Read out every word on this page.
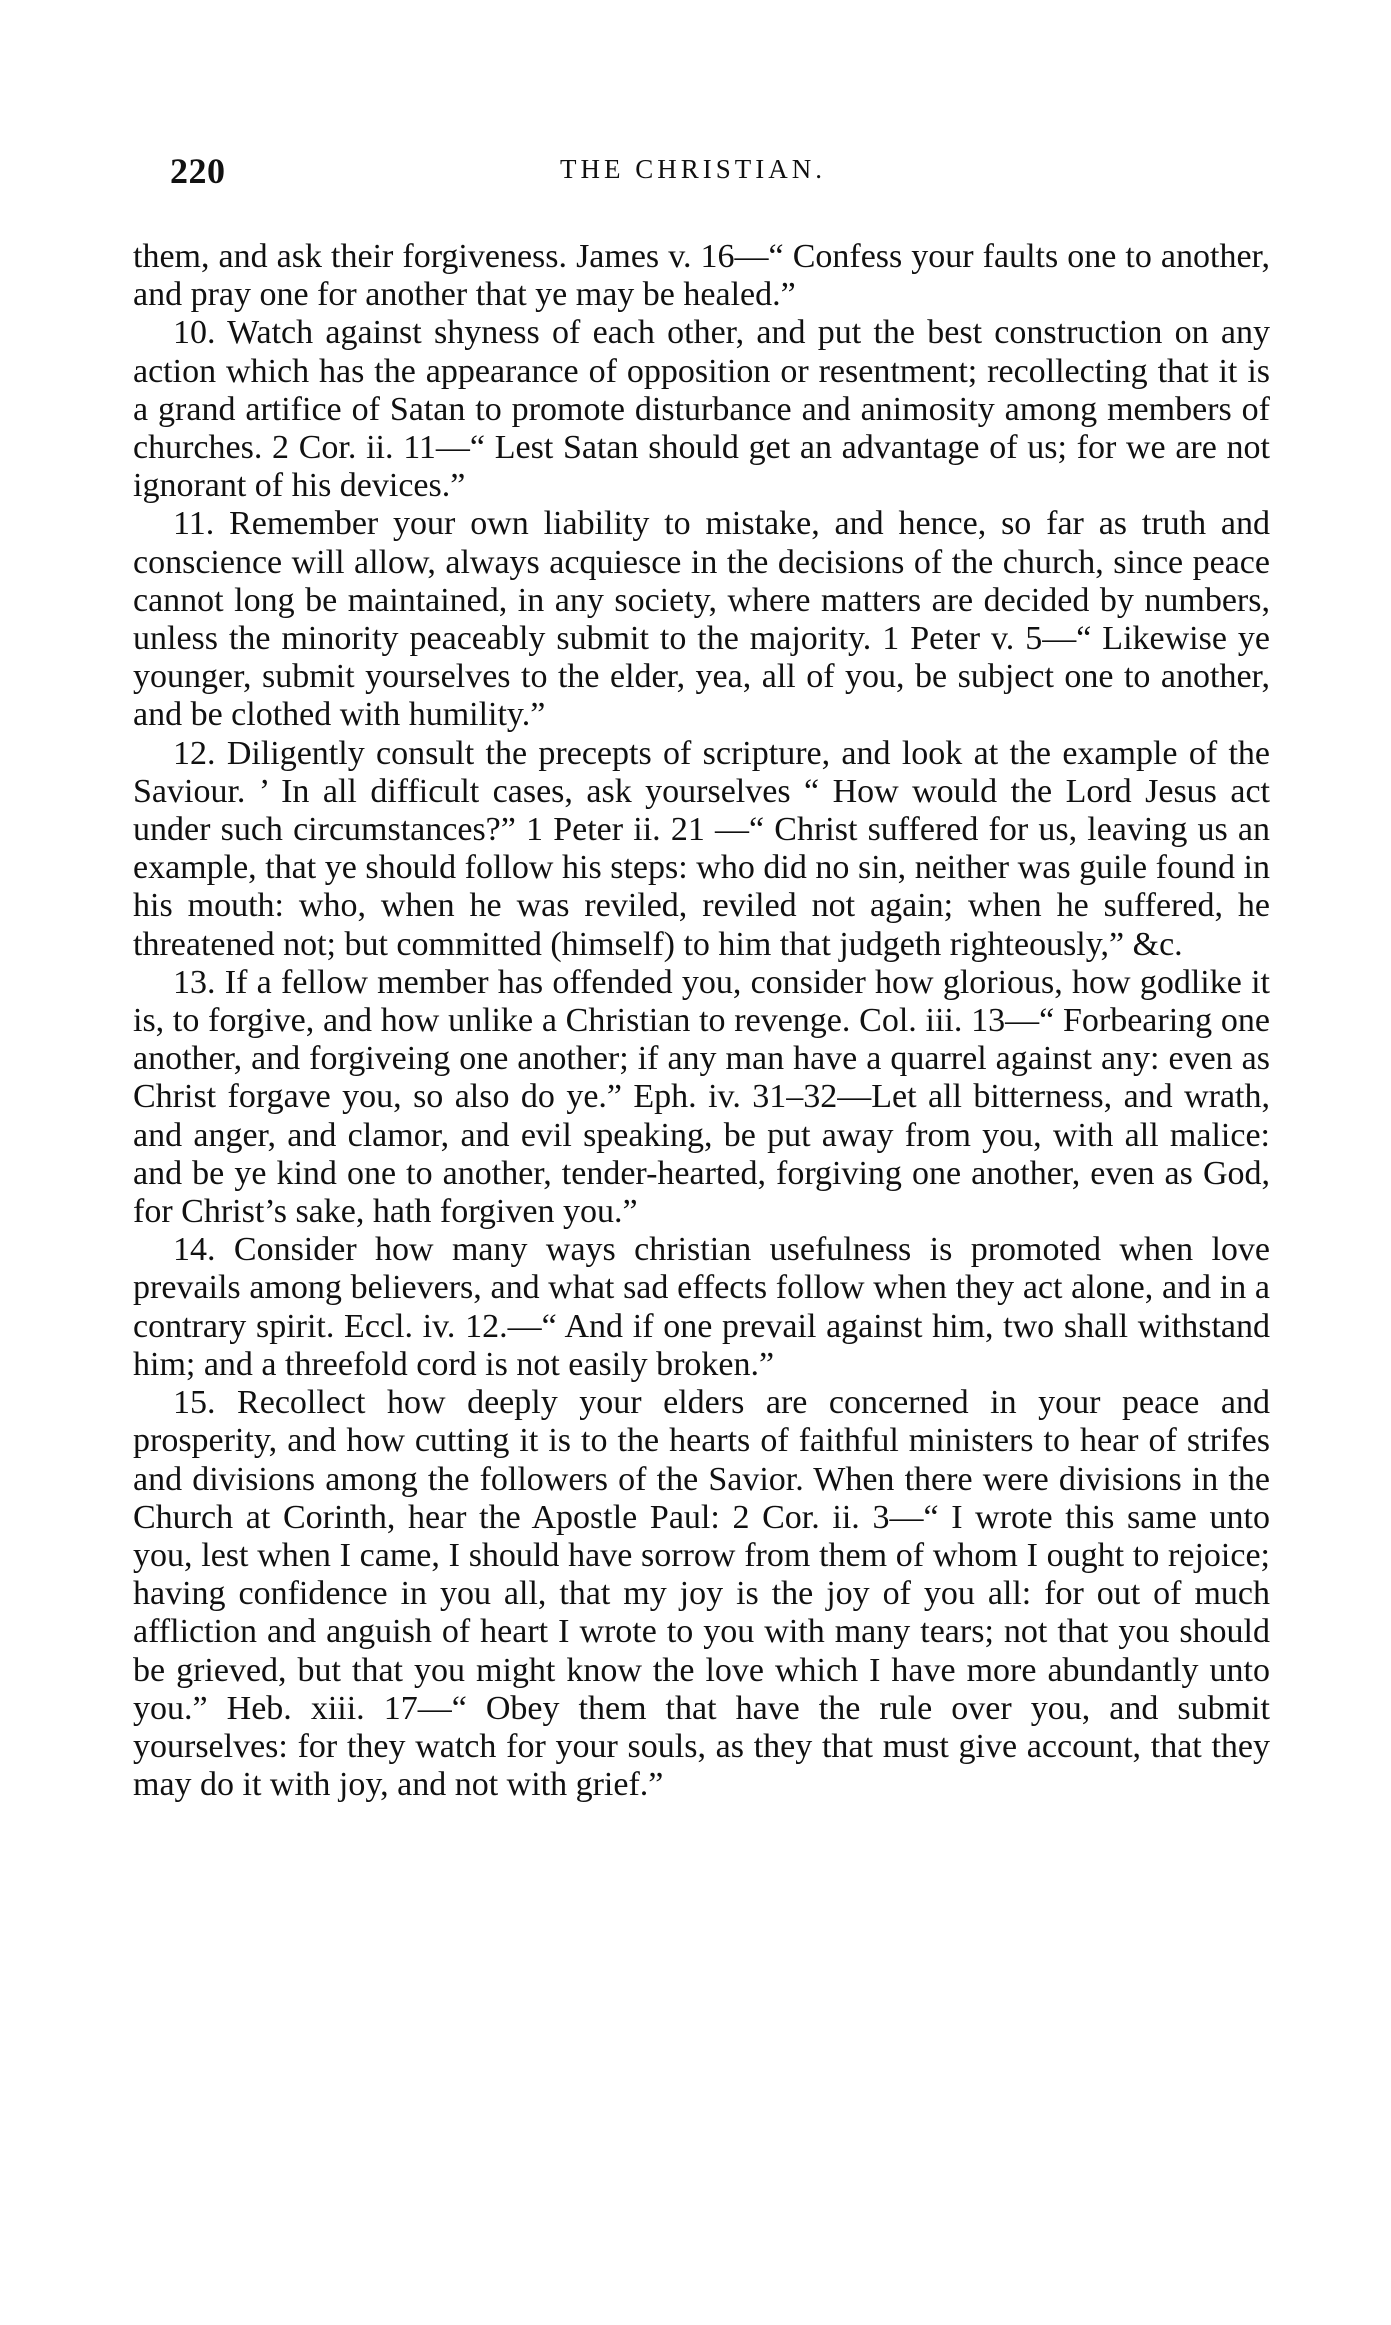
220	THE CHRISTIAN.

them, and ask their forgiveness. James v. 16—“ Confess your faults one to another, and pray one for another that ye may be healed.”

10. Watch against shyness of each other, and put the best construction on any action which has the appearance of opposition or resentment; recollecting that it is a grand artifice of Satan to promote disturbance and animosity among members of churches. 2 Cor. ii. 11—“ Lest Satan should get an advantage of us; for we are not ignorant of his devices.”

11. Remember your own liability to mistake, and hence, so far as truth and conscience will allow, always acquiesce in the decisions of the church, since peace cannot long be maintained, in any society, where matters are decided by numbers, unless the minority peaceably submit to the majority. 1 Peter v. 5—“ Likewise ye younger, submit yourselves to the elder, yea, all of you, be subject one to another, and be clothed with humility.”

12. Diligently consult the precepts of scripture, and look at the example of the Saviour. ’ In all difficult cases, ask yourselves “ How would the Lord Jesus act under such circumstances?” 1 Peter ii. 21 —“ Christ suffered for us, leaving us an example, that ye should follow his steps: who did no sin, neither was guile found in his mouth: who, when he was reviled, reviled not again; when he suffered, he threatened not; but committed (himself) to him that judgeth righteously,” &c.

13. If a fellow member has offended you, consider how glorious, how godlike it is, to forgive, and how unlike a Christian to revenge. Col. iii. 13—“ Forbearing one another, and forgiveing one another; if any man have a quarrel against any: even as Christ forgave you, so also do ye.” Eph. iv. 31–32—Let all bitterness, and wrath, and anger, and clamor, and evil speaking, be put away from you, with all malice: and be ye kind one to another, tender-hearted, forgiving one another, even as God, for Christ’s sake, hath forgiven you.”

14. Consider how many ways christian usefulness is promoted when love prevails among believers, and what sad effects follow when they act alone, and in a contrary spirit. Eccl. iv. 12.—“ And if one prevail against him, two shall withstand him; and a threefold cord is not easily broken.”

15. Recollect how deeply your elders are concerned in your peace and prosperity, and how cutting it is to the hearts of faithful ministers to hear of strifes and divisions among the followers of the Savior. When there were divisions in the Church at Corinth, hear the Apostle Paul: 2 Cor. ii. 3—“ I wrote this same unto you, lest when I came, I should have sorrow from them of whom I ought to rejoice; having confidence in you all, that my joy is the joy of you all: for out of much affliction and anguish of heart I wrote to you with many tears; not that you should be grieved, but that you might know the love which I have more abundantly unto you.” Heb. xiii. 17—“ Obey them that have the rule over you, and submit yourselves: for they watch for your souls, as they that must give account, that they may do it with joy, and not with grief.”
